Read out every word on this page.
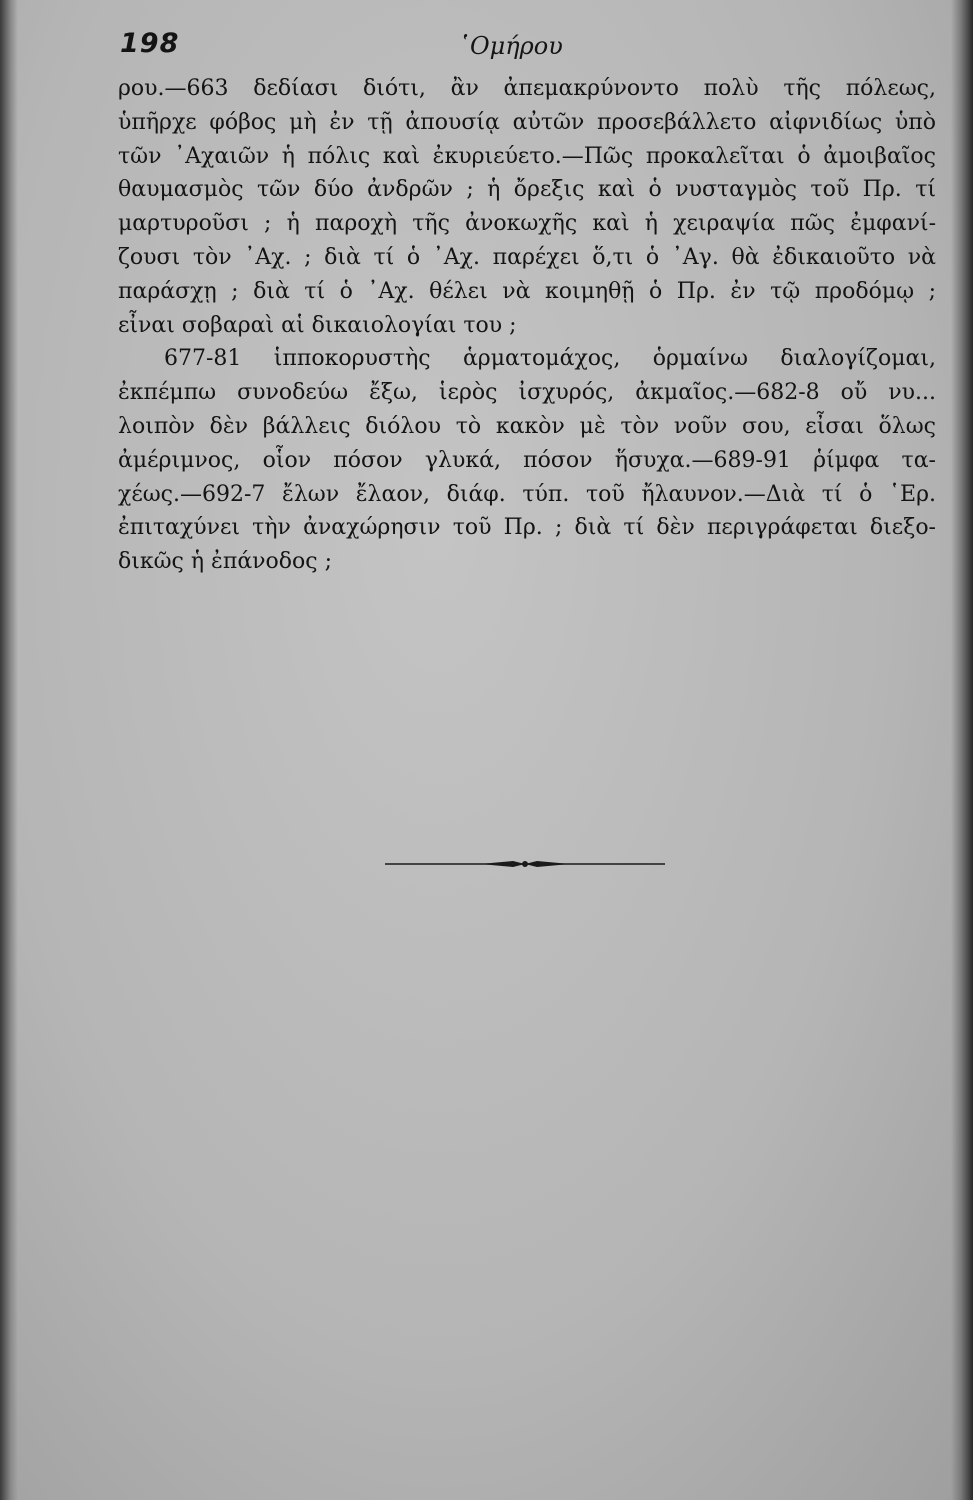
198	῾Ομήρου
ρου.—663 δεδίασι διότι, ἂν ἀπεμακρύνοντο πολὺ τῆς πόλεως,
ὑπῆρχε φόβος μὴ ἐν τῇ ἀπουσίᾳ αὐτῶν προσεβάλλετο αἰφνιδίως ὑπὸ
τῶν ᾿Αχαιῶν ἡ πόλις καὶ ἐκυριεύετο.—Πῶς προκαλεῖται ὁ ἀμοιβαῖος
θαυμασμὸς τῶν δύο ἀνδρῶν ; ἡ ὄρεξις καὶ ὁ νυσταγμὸς τοῦ Πρ. τί
μαρτυροῦσι ; ἡ παροχὴ τῆς ἀνοκωχῆς καὶ ἡ χειραψία πῶς ἐμφανί-
ζουσι τὸν ᾿Αχ. ; διὰ τί ὁ ᾿Αχ. παρέχει ὅ,τι ὁ ᾿Αγ. θὰ ἐδικαιοῦτο νὰ
παράσχῃ ; διὰ τί ὁ ᾿Αχ. θέλει νὰ κοιμηθῇ ὁ Πρ. ἐν τῷ προδόμῳ ;
εἶναι σοβαραὶ αἱ δικαιολογίαι του ;
677-81 ἱπποκορυστὴς ἁρματομάχος, ὁρμαίνω διαλογίζομαι,
ἐκπέμπω συνοδεύω ἔξω, ἱερὸς ἰσχυρός, ἀκμαῖος.—682-8 οὔ νυ...
λοιπὸν δὲν βάλλεις διόλου τὸ κακὸν μὲ τὸν νοῦν σου, εἶσαι ὅλως
ἀμέριμνος, οἷον πόσον γλυκά, πόσον ἥσυχα.—689-91 ῥίμφα τα-
χέως.—692-7 ἔλων ἔλαον, διάφ. τύπ. τοῦ ἤλαυνον.—Διὰ τί ὁ ῾Ερ.
ἐπιταχύνει τὴν ἀναχώρησιν τοῦ Πρ. ; διὰ τί δὲν περιγράφεται διεξο-
δικῶς ἡ ἐπάνοδος ;
